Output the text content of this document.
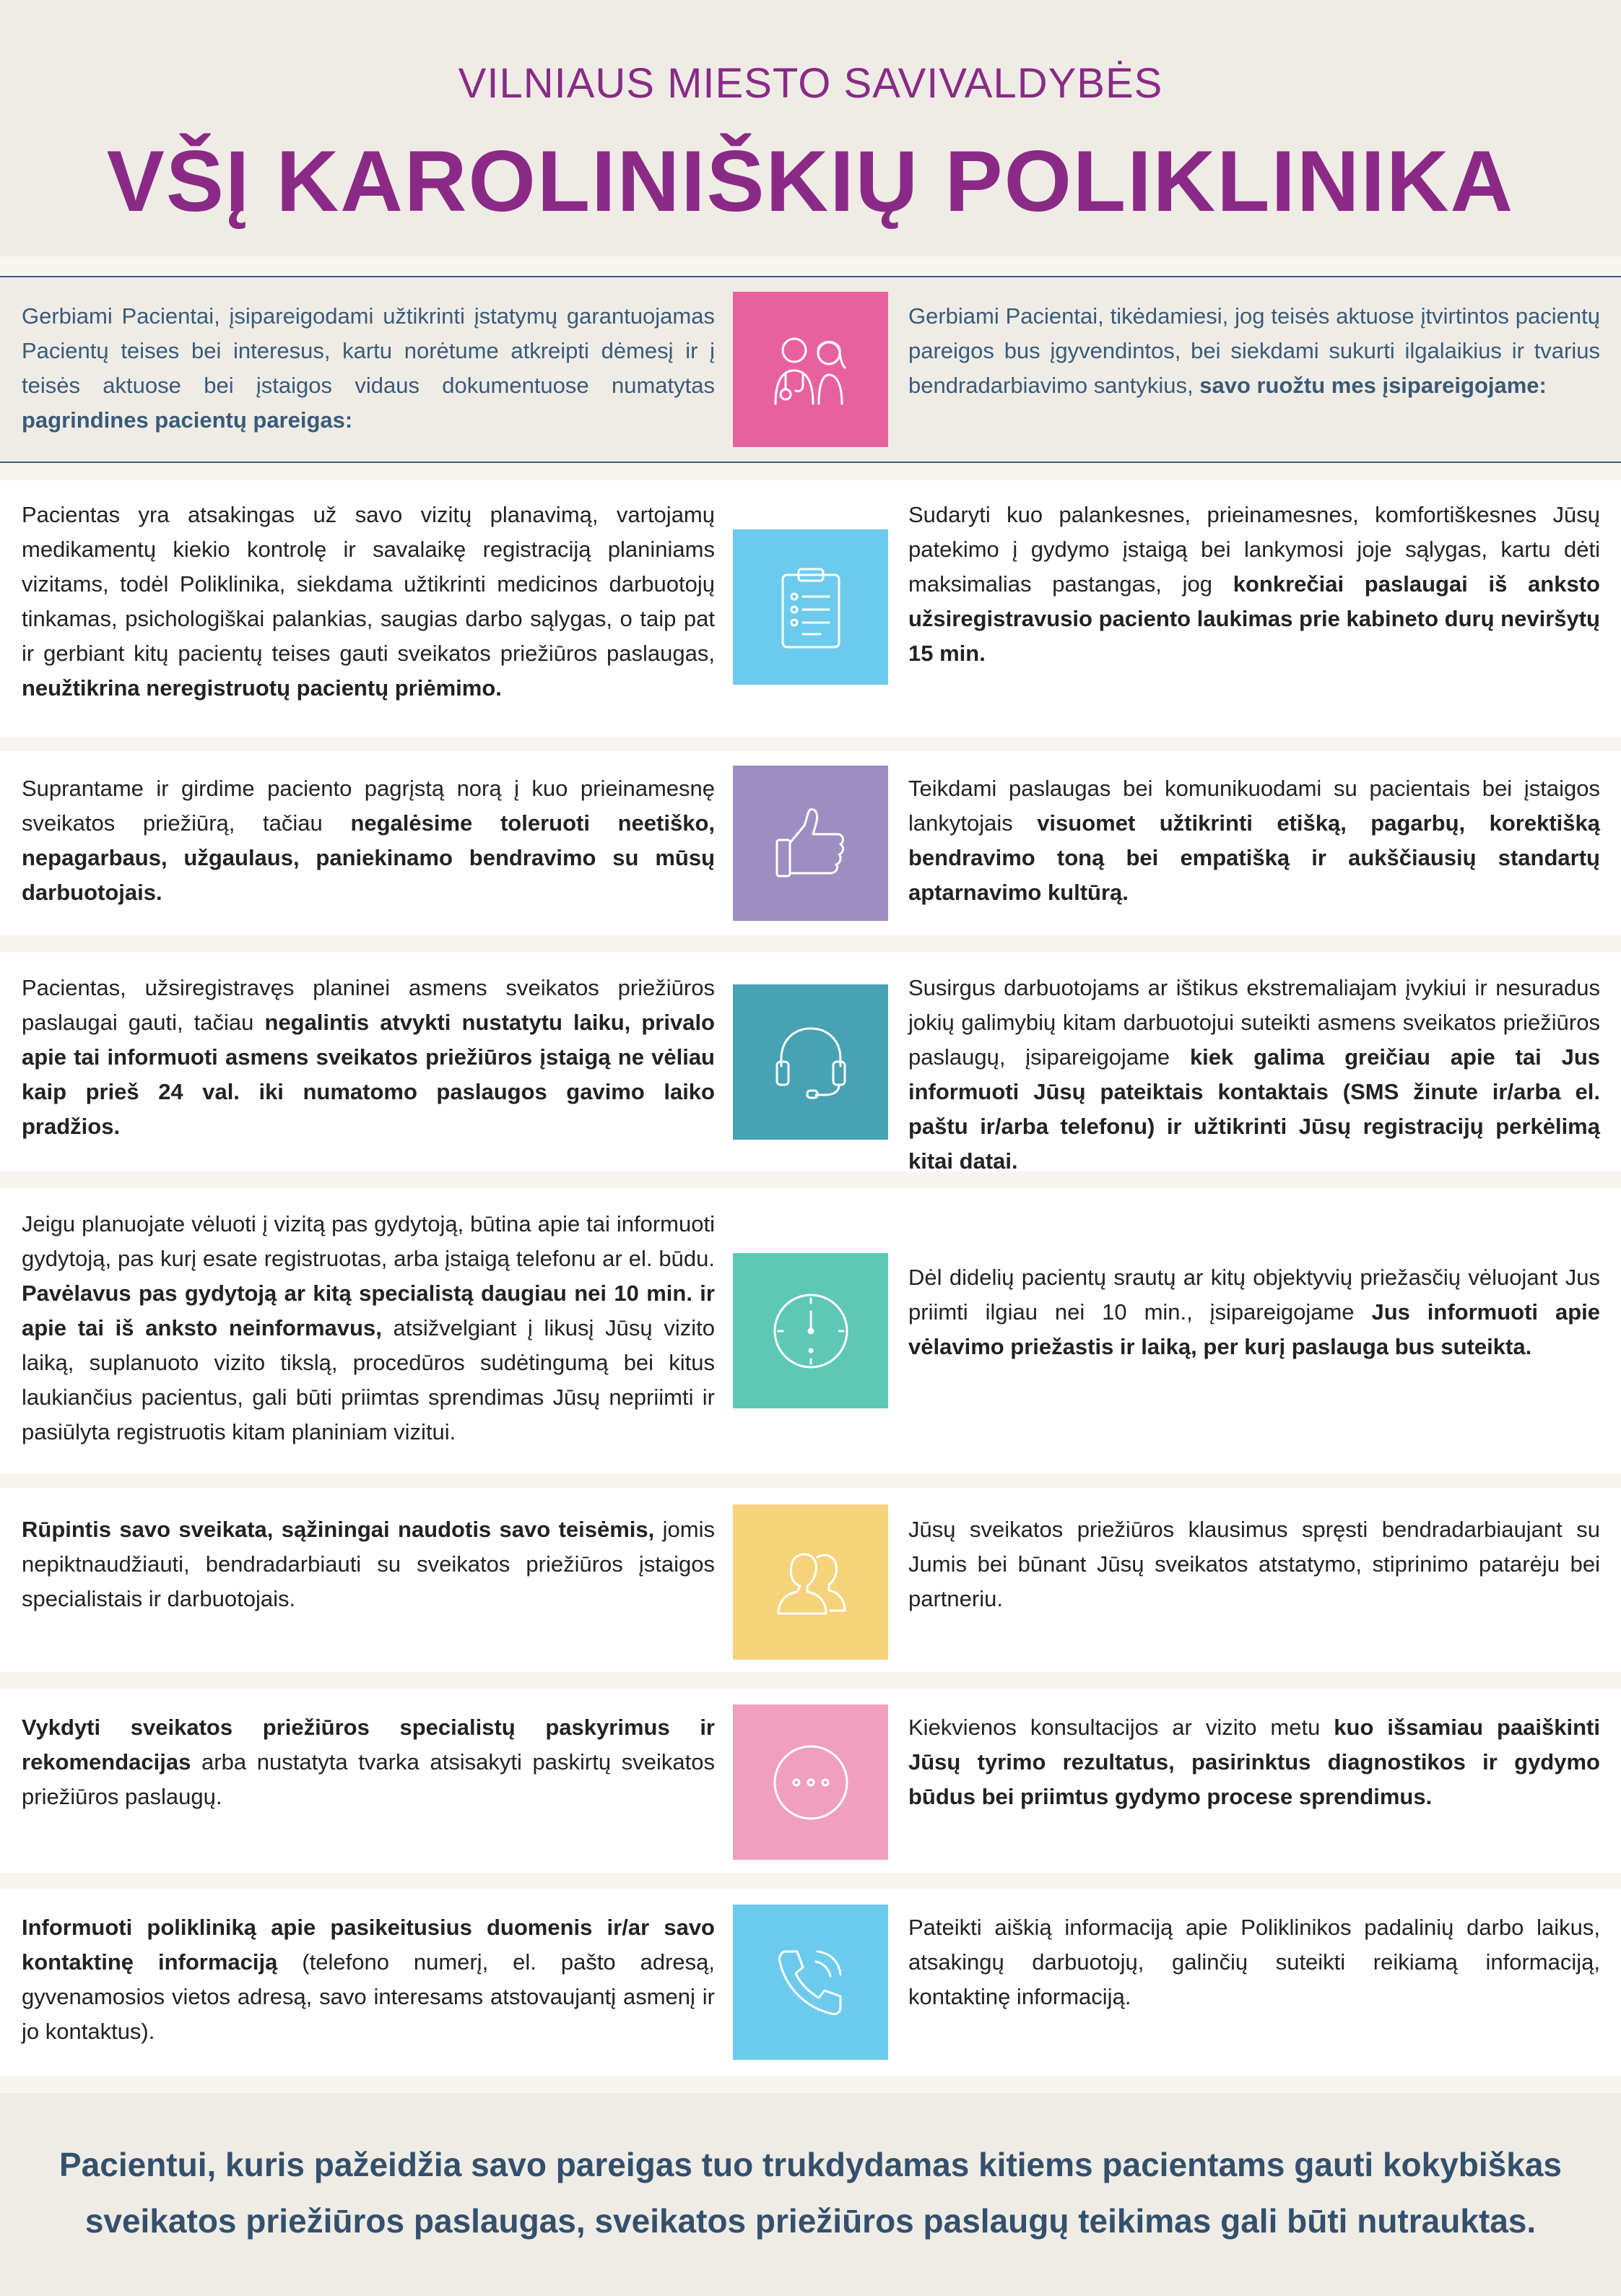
VILNIAUS MIESTO SAVIVALDYBĖS
VŠĮ KAROLINIŠKIŲ POLIKLINIKA
Gerbiami Pacientai, įsipareigodami užtikrinti įstatymų garantuojamas Pacientų teises bei interesus, kartu norėtume atkreipti dėmesį ir į teisės aktuose bei įstaigos vidaus dokumentuose numatytas pagrindines pacientų pareigas:
Gerbiami Pacientai, tikėdamiesi, jog teisės aktuose įtvirtintos pacientų pareigos bus įgyvendintos, bei siekdami sukurti ilgalaikius ir tvarius bendradarbiavimo santykius, savo ruožtu mes įsipareigojame:
Pacientas yra atsakingas už savo vizitų planavimą, vartojamų medikamentų kiekio kontrolę ir savalaikę registraciją planiniams vizitams, todėl Poliklinika, siekdama užtikrinti medicinos darbuotojų tinkamas, psichologiškai palankias, saugias darbo sąlygas, o taip pat ir gerbiant kitų pacientų teises gauti sveikatos priežiūros paslaugas, neužtikrina neregistruotų pacientų priėmimo.
Sudaryti kuo palankesnes, prieinamesnes, komfortiškesnes Jūsų patekimo į gydymo įstaigą bei lankymosi joje sąlygas, kartu dėti maksimalias pastangas, jog konkrečiai paslaugai iš anksto užsiregistravusio paciento laukimas prie kabineto durų neviršytų 15 min.
Suprantame ir girdime paciento pagrįstą norą į kuo prieinamesnę sveikatos priežiūrą, tačiau negalėsime toleruoti neetiško, nepagarbaus, užgaulaus, paniekinamo bendravimo su mūsų darbuotojais.
Teikdami paslaugas bei komunikuodami su pacientais bei įstaigos lankytojais visuomet užtikrinti etišką, pagarbų, korektišką bendravimo toną bei empatišką ir aukščiausių standartų aptarnavimo kultūrą.
Pacientas, užsiregistravęs planinei asmens sveikatos priežiūros paslaugai gauti, tačiau negalintis atvykti nustatytu laiku, privalo apie tai informuoti asmens sveikatos priežiūros įstaigą ne vėliau kaip prieš 24 val. iki numatomo paslaugos gavimo laiko pradžios.
Susirgus darbuotojams ar ištikus ekstremaliajam įvykiui ir nesuradus jokių galimybių kitam darbuotojui suteikti asmens sveikatos priežiūros paslaugų, įsipareigojame kiek galima greičiau apie tai Jus informuoti Jūsų pateiktais kontaktais (SMS žinute ir/arba el. paštu ir/arba telefonu) ir užtikrinti Jūsų registracijų perkėlimą kitai datai.
Jeigu planuojate vėluoti į vizitą pas gydytoją, būtina apie tai informuoti gydytoją, pas kurį esate registruotas, arba įstaigą telefonu ar el. būdu. Pavėlavus pas gydytoją ar kitą specialistą daugiau nei 10 min. ir apie tai iš anksto neinformavus, atsižvelgiant į likusį Jūsų vizito laiką, suplanuoto vizito tikslą, procedūros sudėtingumą bei kitus laukiančius pacientus, gali būti priimtas sprendimas Jūsų nepriimti ir pasiūlyta registruotis kitam planiniam vizitui.
Dėl didelių pacientų srautų ar kitų objektyvių priežasčių vėluojant Jus priimti ilgiau nei 10 min., įsipareigojame Jus informuoti apie vėlavimo priežastis ir laiką, per kurį paslauga bus suteikta.
Rūpintis savo sveikata, sąžiningai naudotis savo teisėmis, jomis nepiktnaudžiauti, bendradarbiauti su sveikatos priežiūros įstaigos specialistais ir darbuotojais.
Jūsų sveikatos priežiūros klausimus spręsti bendradarbiaujant su Jumis bei būnant Jūsų sveikatos atstatymo, stiprinimo patarėju bei partneriu.
Vykdyti sveikatos priežiūros specialistų paskyrimus ir rekomendacijas arba nustatyta tvarka atsisakyti paskirtų sveikatos priežiūros paslaugų.
Kiekvienos konsultacijos ar vizito metu kuo išsamiau paaiškinti Jūsų tyrimo rezultatus, pasirinktus diagnostikos ir gydymo būdus bei priimtus gydymo procese sprendimus.
Informuoti polikliniką apie pasikeitusius duomenis ir/ar savo kontaktinę informaciją (telefono numerį, el. pašto adresą, gyvenamosios vietos adresą, savo interesams atstovaujantį asmenį ir jo kontaktus).
Pateikti aiškią informaciją apie Poliklinikos padalinių darbo laikus, atsakingų darbuotojų, galinčių suteikti reikiamą informaciją, kontaktinę informaciją.
Pacientui, kuris pažeidžia savo pareigas tuo trukdydamas kitiems pacientams gauti kokybiškas sveikatos priežiūros paslaugas, sveikatos priežiūros paslaugų teikimas gali būti nutrauktas.
